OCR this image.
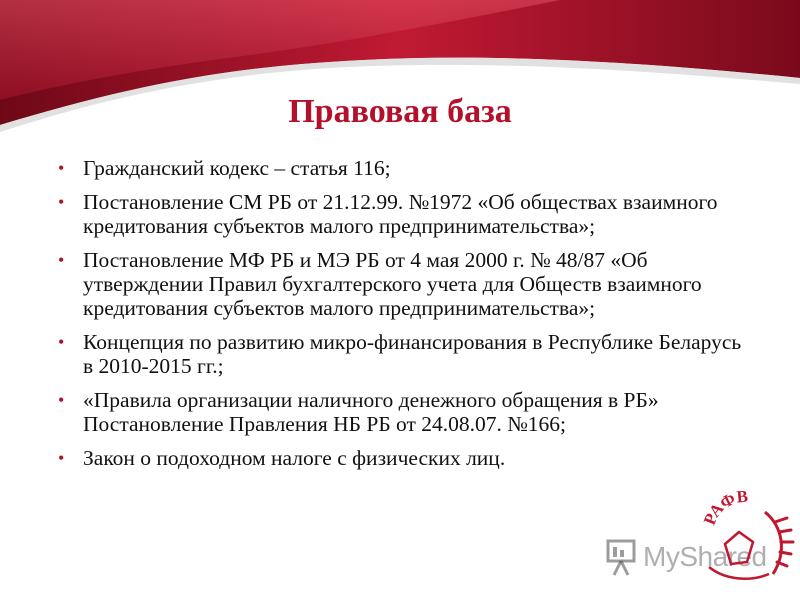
Правовая база
• Гражданский кодекс – статья 116;
• Постановление СМ РБ от 21.12.99. №1972 «Об обществах взаимного кредитования субъектов малого предпринимательства»;
• Постановление МФ РБ и МЭ РБ от 4 мая 2000 г. № 48/87 «Об утверждении Правил бухгалтерского учета для Обществ взаимного кредитования субъектов малого предпринимательства»;
• Концепция по развитию микро-финансирования в Республике Беларусь в 2010-2015 гг.;
• «Правила организации наличного денежного обращения в РБ» Постановление Правления НБ РБ от 24.08.07. №166;
• Закон о подоходном налоге с физических лиц.
MyShared
РАФВ
